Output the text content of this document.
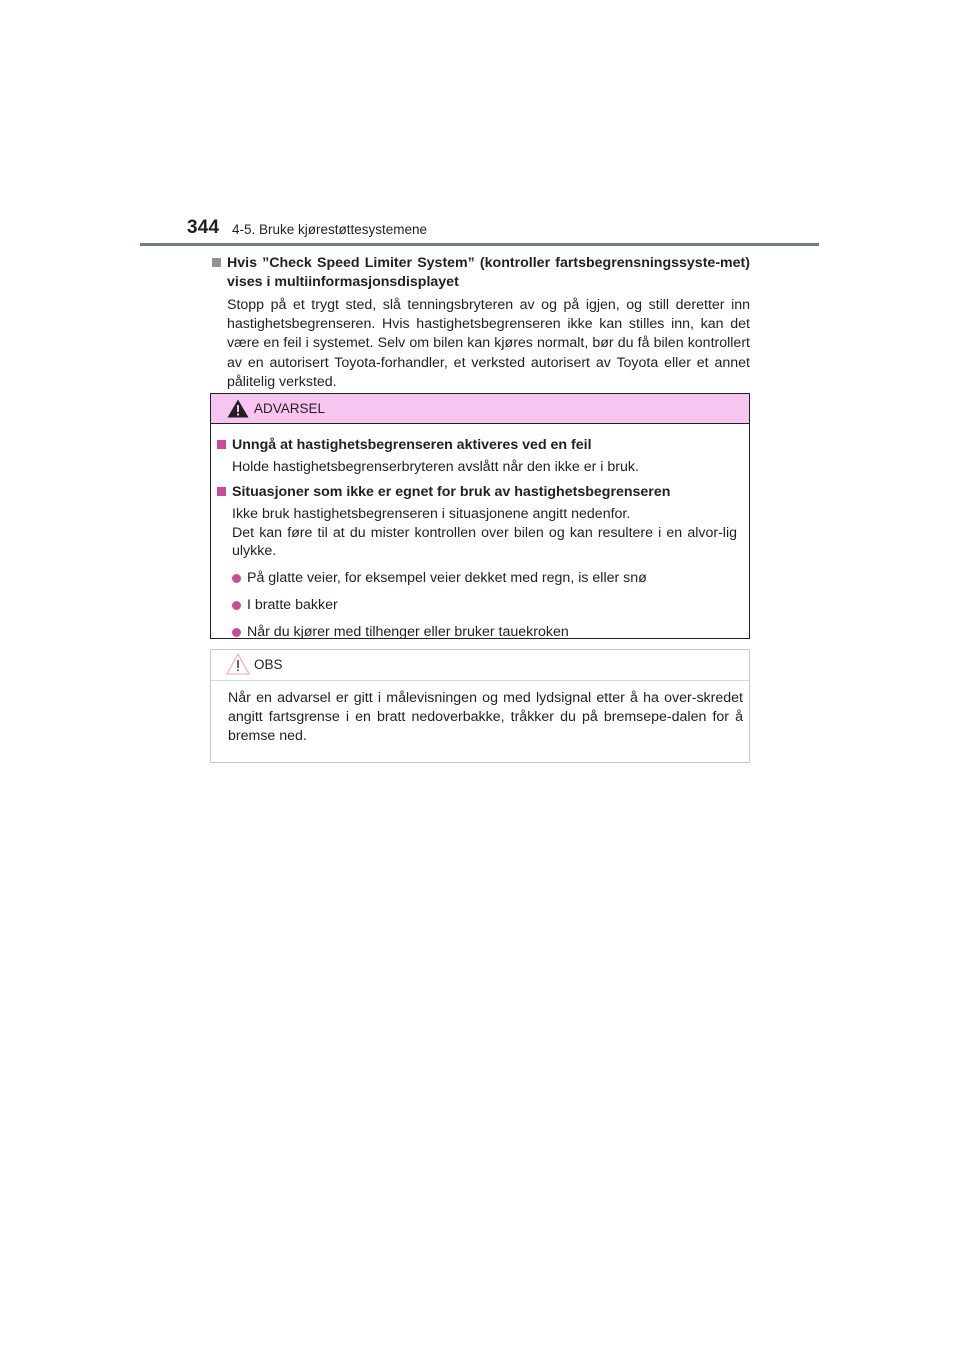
344 4-5. Bruke kjørestøttesystemene
Hvis ”Check Speed Limiter System” (kontroller fartsbegrensningssyste-met) vises i multiinformasjonsdisplayet
Stopp på et trygt sted, slå tenningsbryteren av og på igjen, og still deretter inn hastighetsbegrenseren. Hvis hastighetsbegrenseren ikke kan stilles inn, kan det være en feil i systemet. Selv om bilen kan kjøres normalt, bør du få bilen kontrollert av en autorisert Toyota-forhandler, et verksted autorisert av Toyota eller et annet pålitelig verksted.
ADVARSEL
Unngå at hastighetsbegrenseren aktiveres ved en feil
Holde hastighetsbegrenserbryteren avslått når den ikke er i bruk.
Situasjoner som ikke er egnet for bruk av hastighetsbegrenseren
Ikke bruk hastighetsbegrenseren i situasjonene angitt nedenfor.
Det kan føre til at du mister kontrollen over bilen og kan resultere i en alvor-lig ulykke.
På glatte veier, for eksempel veier dekket med regn, is eller snø
I bratte bakker
Når du kjører med tilhenger eller bruker tauekroken
OBS
Når en advarsel er gitt i målevisningen og med lydsignal etter å ha over-skredet angitt fartsgrense i en bratt nedoverbakke, tråkker du på bremsepe-dalen for å bremse ned.
